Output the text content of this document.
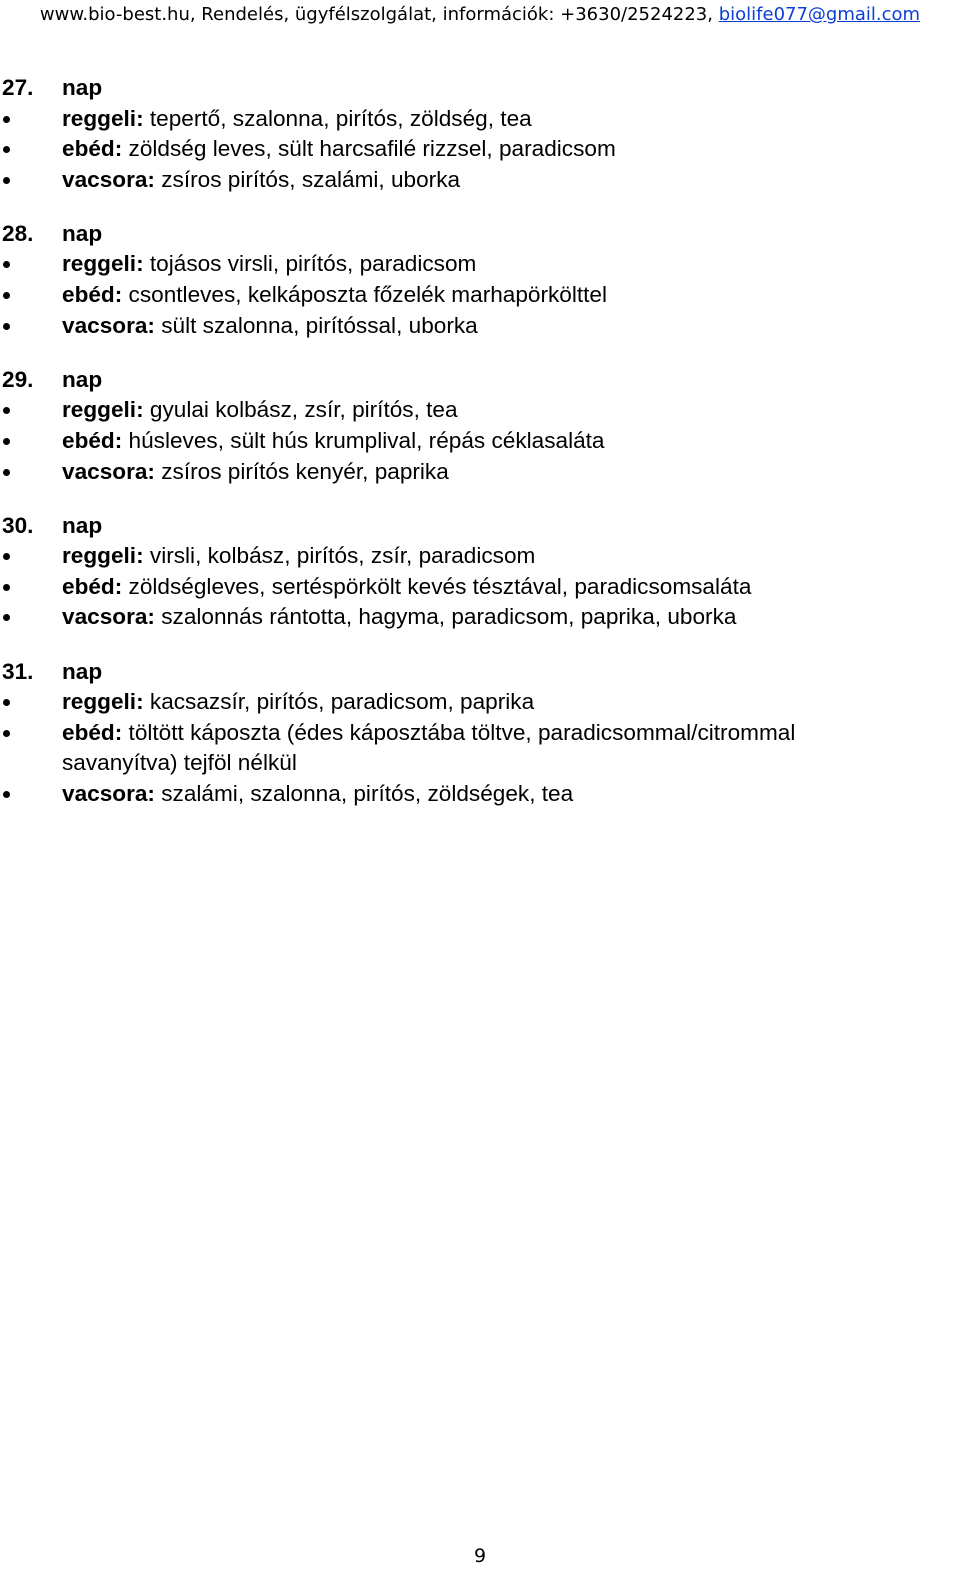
www.bio-best.hu, Rendelés, ügyfélszolgálat, információk: +3630/2524223, biolife077@gmail.com
27. nap
reggeli: tepertő, szalonna, pirítós, zöldség, tea
ebéd: zöldség leves, sült harcsafilé rizzsel, paradicsom
vacsora: zsíros pirítós, szalámi, uborka
28. nap
reggeli: tojásos virsli, pirítós, paradicsom
ebéd: csontleves, kelkáposzta főzelék marhapörkölttel
vacsora: sült szalonna, pirítóssal, uborka
29. nap
reggeli: gyulai kolbász, zsír, pirítós, tea
ebéd: húsleves, sült hús krumplival, répás céklasaláta
vacsora: zsíros pirítós kenyér, paprika
30. nap
reggeli: virsli, kolbász, pirítós, zsír, paradicsom
ebéd: zöldségleves, sertéspörkölt kevés tésztával, paradicsomsaláta
vacsora: szalonnás rántotta, hagyma, paradicsom, paprika, uborka
31. nap
reggeli: kacsazsír, pirítós, paradicsom, paprika
ebéd: töltött káposzta (édes káposztába töltve, paradicsommal/citrommal savanyítva) tejföl nélkül
vacsora: szalámi, szalonna, pirítós, zöldségek, tea
9
